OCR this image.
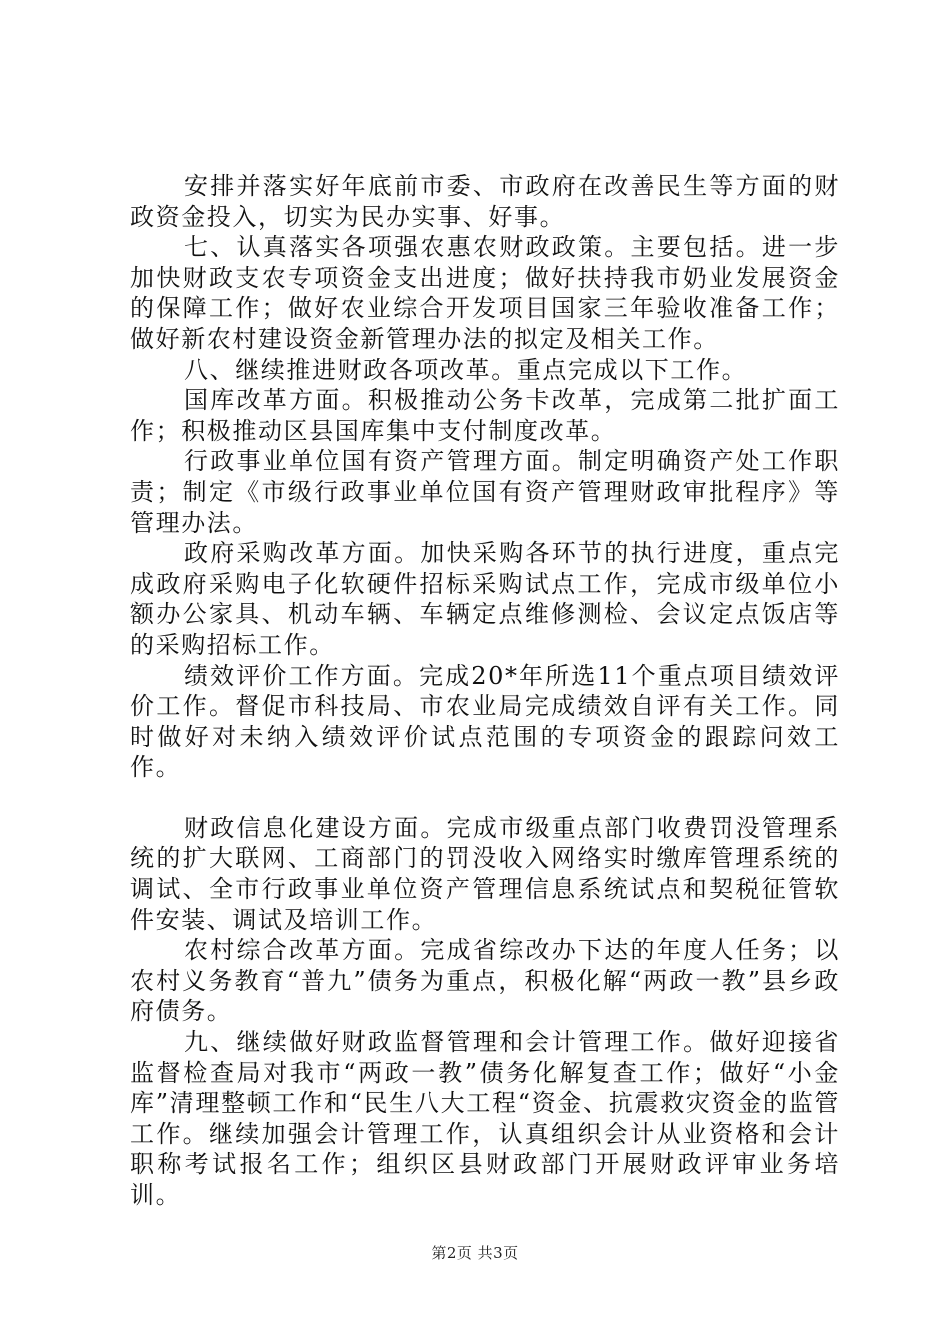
安排并落实好年底前市委、市政府在改善民生等方面的财政资金投入，切实为民办实事、好事。

七、认真落实各项强农惠农财政政策。主要包括。进一步加快财政支农专项资金支出进度；做好扶持我市奶业发展资金的保障工作；做好农业综合开发项目国家三年验收准备工作；做好新农村建设资金新管理办法的拟定及相关工作。

八、继续推进财政各项改革。重点完成以下工作。

国库改革方面。积极推动公务卡改革，完成第二批扩面工作；积极推动区县国库集中支付制度改革。

行政事业单位国有资产管理方面。制定明确资产处工作职责；制定《市级行政事业单位国有资产管理财政审批程序》等管理办法。

政府采购改革方面。加快采购各环节的执行进度，重点完成政府采购电子化软硬件招标采购试点工作，完成市级单位小额办公家具、机动车辆、车辆定点维修测检、会议定点饭店等的采购招标工作。

绩效评价工作方面。完成20*年所选11个重点项目绩效评价工作。督促市科技局、市农业局完成绩效自评有关工作。同时做好对未纳入绩效评价试点范围的专项资金的跟踪问效工作。

财政信息化建设方面。完成市级重点部门收费罚没管理系统的扩大联网、工商部门的罚没收入网络实时缴库管理系统的调试、全市行政事业单位资产管理信息系统试点和契税征管软件安装、调试及培训工作。

农村综合改革方面。完成省综改办下达的年度人任务；以农村义务教育“普九”债务为重点，积极化解“两政一教”县乡政府债务。

九、继续做好财政监督管理和会计管理工作。做好迎接省监督检查局对我市“两政一教”债务化解复查工作；做好“小金库”清理整顿工作和“民生八大工程“资金、抗震救灾资金的监管工作。继续加强会计管理工作，认真组织会计从业资格和会计职称考试报名工作；组织区县财政部门开展财政评审业务培训。

第2页 共3页
